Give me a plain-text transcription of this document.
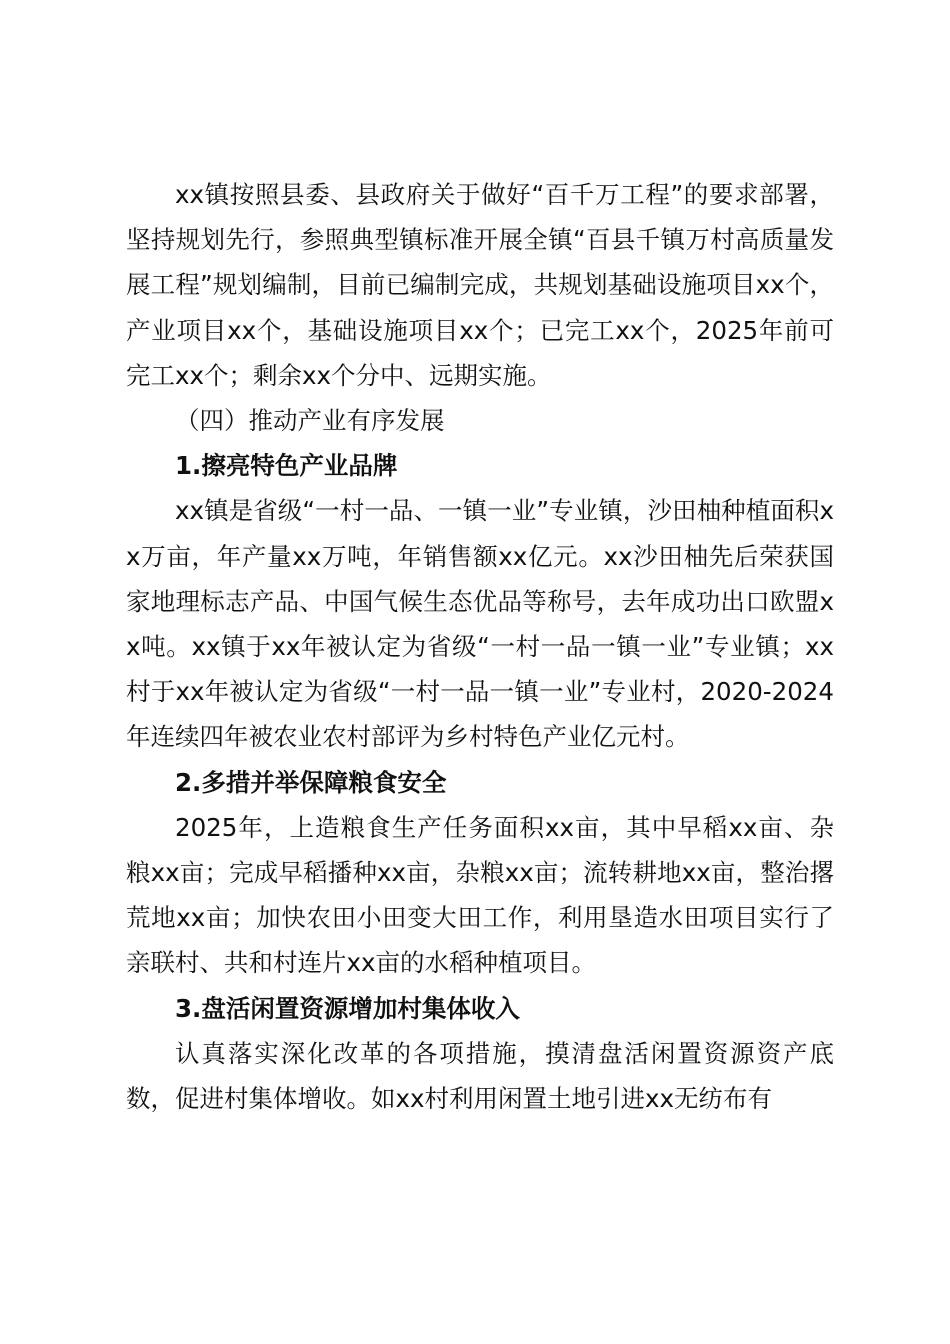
xx镇按照县委、县政府关于做好“百千万工程”的要求部署，坚持规划先行，参照典型镇标准开展全镇“百县千镇万村高质量发展工程”规划编制，目前已编制完成，共规划基础设施项目xx个，产业项目xx个，基础设施项目xx个；已完工xx个，2025年前可完工xx个；剩余xx个分中、远期实施。

（四）推动产业有序发展

1.擦亮特色产业品牌

xx镇是省级“一村一品、一镇一业”专业镇，沙田柚种植面积xx万亩，年产量xx万吨，年销售额xx亿元。xx沙田柚先后荣获国家地理标志产品、中国气候生态优品等称号，去年成功出口欧盟xx吨。xx镇于xx年被认定为省级“一村一品一镇一业”专业镇；xx村于xx年被认定为省级“一村一品一镇一业”专业村，2020-2024年连续四年被农业农村部评为乡村特色产业亿元村。

2.多措并举保障粮食安全

2025年，上造粮食生产任务面积xx亩，其中早稻xx亩、杂粮xx亩；完成早稻播种xx亩，杂粮xx亩；流转耕地xx亩，整治撂荒地xx亩；加快农田小田变大田工作，利用垦造水田项目实行了亲联村、共和村连片xx亩的水稻种植项目。

3.盘活闲置资源增加村集体收入

认真落实深化改革的各项措施，摸清盘活闲置资源资产底数，促进村集体增收。如xx村利用闲置土地引进xx无纺布有
